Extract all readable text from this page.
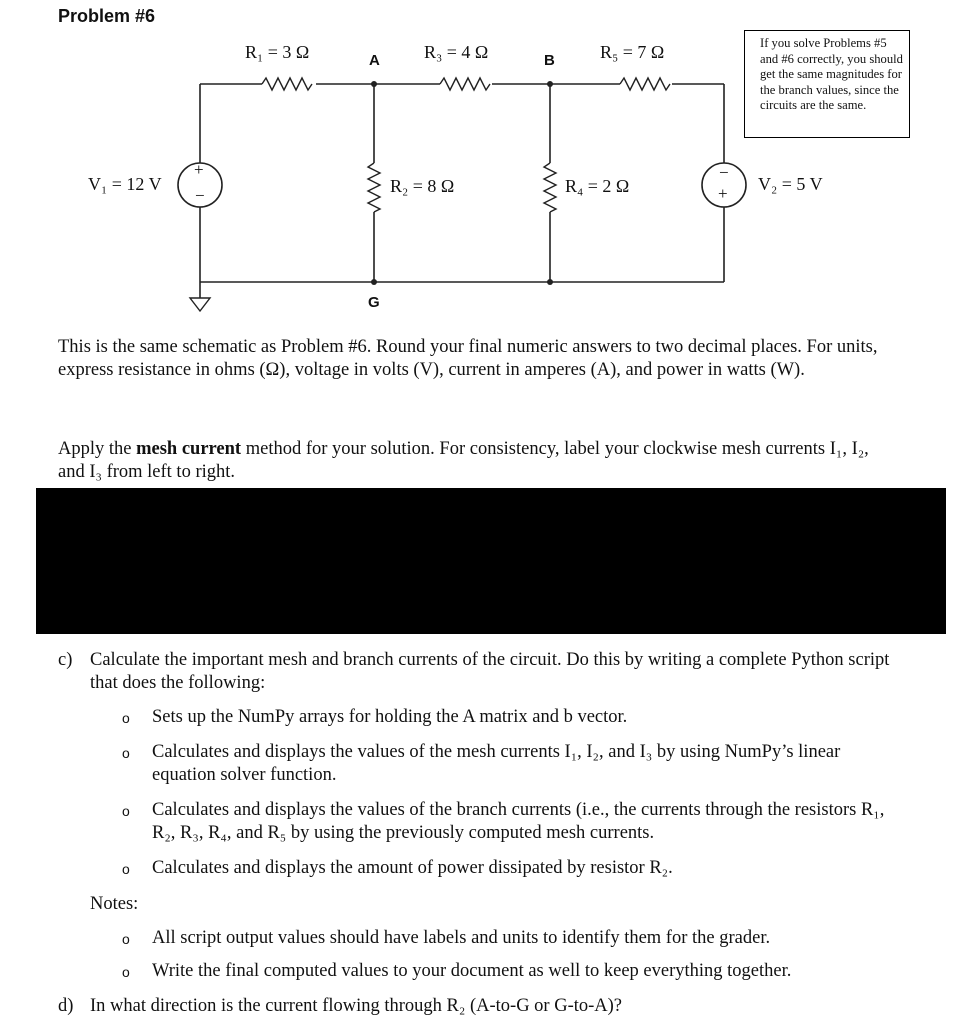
Problem #6
+
−
−
+
R₁ = 3 Ω	R₃ = 4 Ω	R₅ = 7 Ω
R₂ = 8 Ω	R₄ = 2 Ω
V₁ = 12 V	V₂ = 5 V
A	B
G
If you solve Problems #5 and #6 correctly, you should get the same magnitudes for the branch values, since the circuits are the same.
This is the same schematic as Problem #6. Round your final numeric answers to two decimal places. For units, express resistance in ohms (Ω), voltage in volts (V), current in amperes (A), and power in watts (W).
Apply the mesh current method for your solution. For consistency, label your clockwise mesh currents I₁, I₂, and I₃ from left to right.
c) Calculate the important mesh and branch currents of the circuit. Do this by writing a complete Python script that does the following:
o Sets up the NumPy arrays for holding the A matrix and b vector.
o Calculates and displays the values of the mesh currents I₁, I₂, and I₃ by using NumPy’s linear equation solver function.
o Calculates and displays the values of the branch currents (i.e., the currents through the resistors R₁, R₂, R₃, R₄, and R₅ by using the previously computed mesh currents.
o Calculates and displays the amount of power dissipated by resistor R₂.
Notes:
o All script output values should have labels and units to identify them for the grader.
o Write the final computed values to your document as well to keep everything together.
d) In what direction is the current flowing through R₂ (A-to-G or G-to-A)?
